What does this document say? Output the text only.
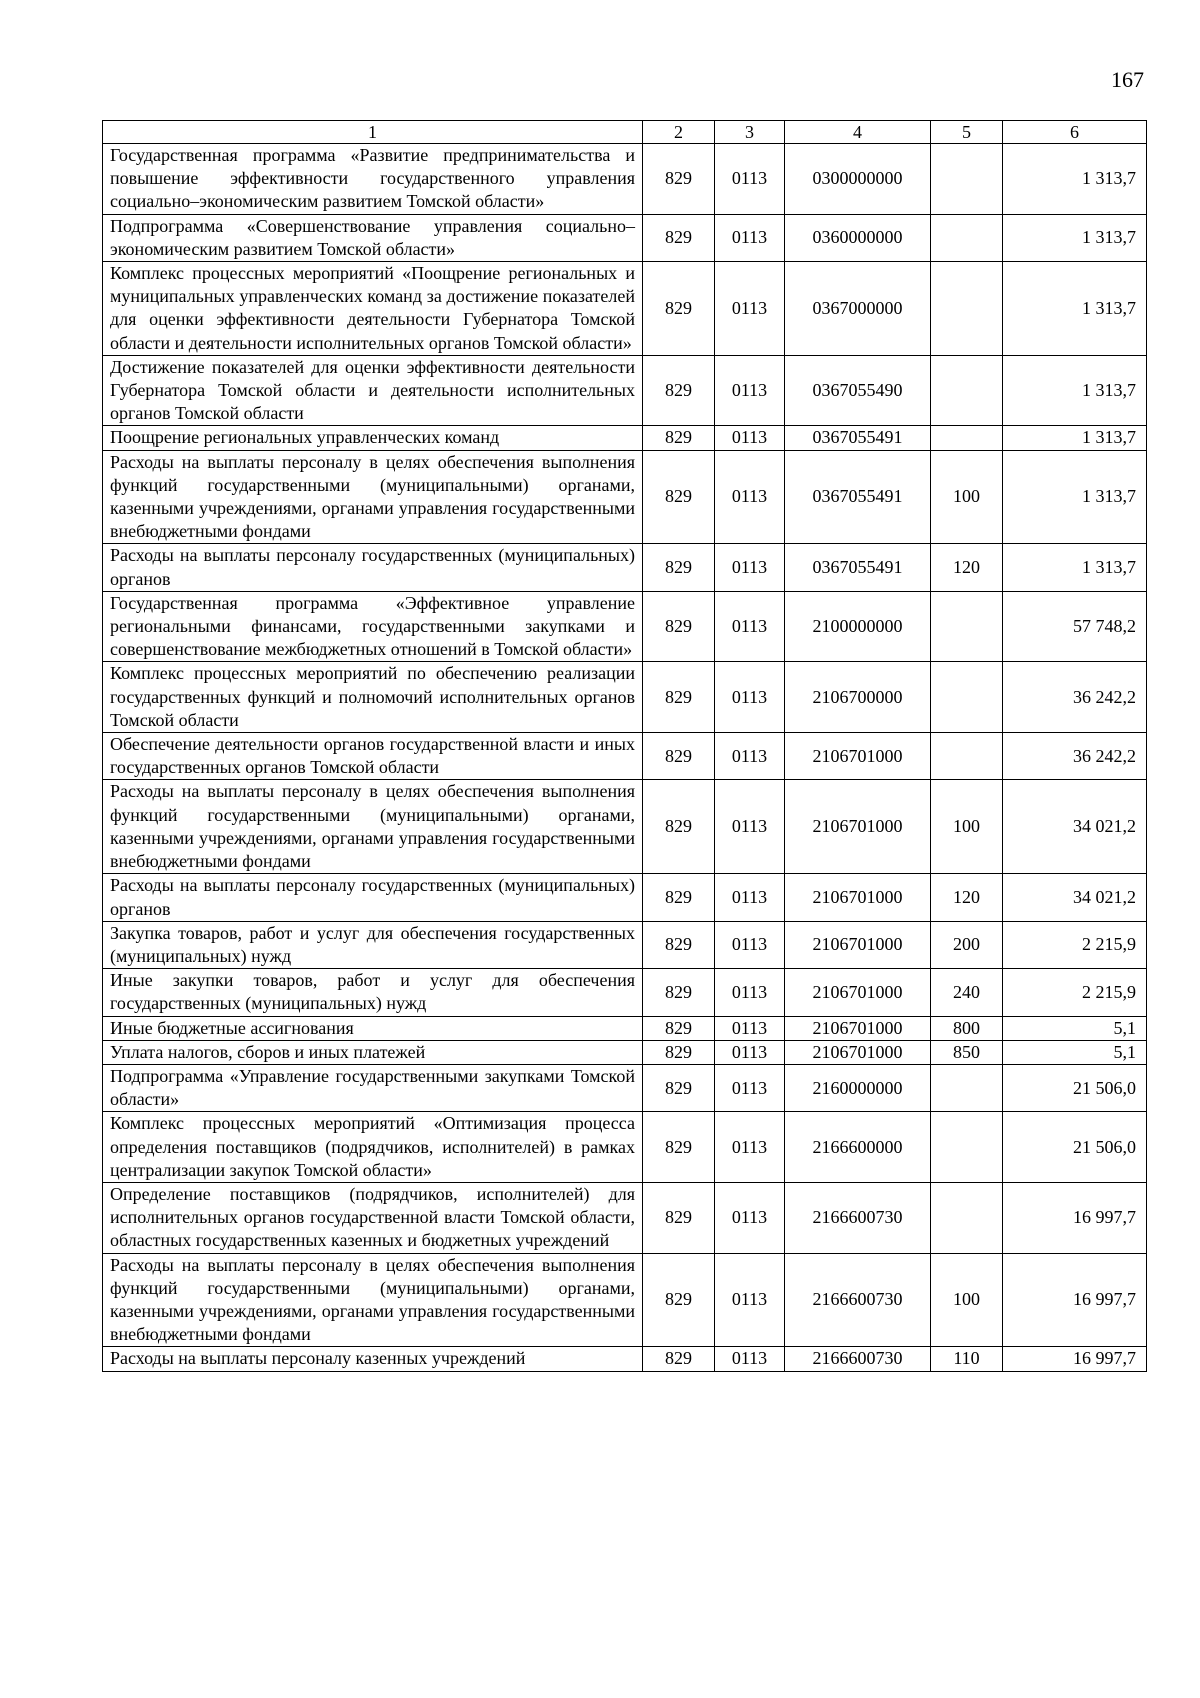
167
1	2	3	4	5	6
Государственная программа «Развитие предпринимательства и повышение эффективности государственного управления социально–экономическим развитием Томской области»	829	0113	0300000000		1 313,7
Подпрограмма «Совершенствование управления социально–экономическим развитием Томской области»	829	0113	0360000000		1 313,7
Комплекс процессных мероприятий «Поощрение региональных и муниципальных управленческих команд за достижение показателей для оценки эффективности деятельности Губернатора Томской области и деятельности исполнительных органов Томской области»	829	0113	0367000000		1 313,7
Достижение показателей для оценки эффективности деятельности Губернатора Томской области и деятельности исполнительных органов Томской области	829	0113	0367055490		1 313,7
Поощрение региональных управленческих команд	829	0113	0367055491		1 313,7
Расходы на выплаты персоналу в целях обеспечения выполнения функций государственными (муниципальными) органами, казенными учреждениями, органами управления государственными внебюджетными фондами	829	0113	0367055491	100	1 313,7
Расходы на выплаты персоналу государственных (муниципальных) органов	829	0113	0367055491	120	1 313,7
Государственная программа «Эффективное управление региональными финансами, государственными закупками и совершенствование межбюджетных отношений в Томской области»	829	0113	2100000000		57 748,2
Комплекс процессных мероприятий по обеспечению реализации государственных функций и полномочий исполнительных органов Томской области	829	0113	2106700000		36 242,2
Обеспечение деятельности органов государственной власти и иных государственных органов Томской области	829	0113	2106701000		36 242,2
Расходы на выплаты персоналу в целях обеспечения выполнения функций государственными (муниципальными) органами, казенными учреждениями, органами управления государственными внебюджетными фондами	829	0113	2106701000	100	34 021,2
Расходы на выплаты персоналу государственных (муниципальных) органов	829	0113	2106701000	120	34 021,2
Закупка товаров, работ и услуг для обеспечения государственных (муниципальных) нужд	829	0113	2106701000	200	2 215,9
Иные закупки товаров, работ и услуг для обеспечения государственных (муниципальных) нужд	829	0113	2106701000	240	2 215,9
Иные бюджетные ассигнования	829	0113	2106701000	800	5,1
Уплата налогов, сборов и иных платежей	829	0113	2106701000	850	5,1
Подпрограмма «Управление государственными закупками Томской области»	829	0113	2160000000		21 506,0
Комплекс процессных мероприятий «Оптимизация процесса определения поставщиков (подрядчиков, исполнителей) в рамках централизации закупок Томской области»	829	0113	2166600000		21 506,0
Определение поставщиков (подрядчиков, исполнителей) для исполнительных органов государственной власти Томской области, областных государственных казенных и бюджетных учреждений	829	0113	2166600730		16 997,7
Расходы на выплаты персоналу в целях обеспечения выполнения функций государственными (муниципальными) органами, казенными учреждениями, органами управления государственными внебюджетными фондами	829	0113	2166600730	100	16 997,7
Расходы на выплаты персоналу казенных учреждений	829	0113	2166600730	110	16 997,7
